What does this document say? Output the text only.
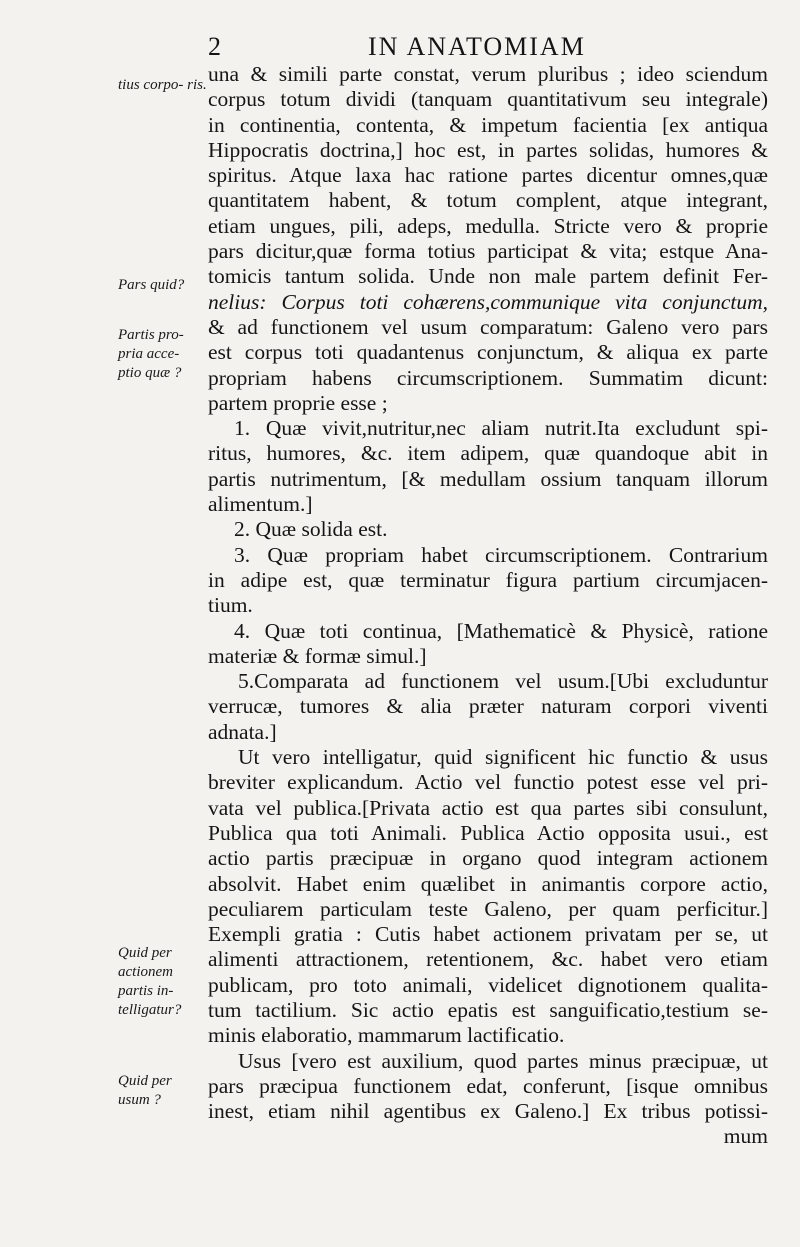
2	IN ANATOMIAM
tius corpo- ris.
Pars quid?
Partis pro- pria acce- ptio quæ ?
Quid per actionem partis in- telligatur?
Quid per usum ?
una & simili parte constat, verum pluribus ; ideo sciendum
corpus totum dividi (tanquam quantitativum seu integrale)
in continentia, contenta, & impetum facientia [ex antiqua
Hippocratis doctrina,] hoc est, in partes solidas, humores &
spiritus. Atque laxa hac ratione partes dicentur omnes,quæ
quantitatem habent, & totum complent, atque integrant,
etiam ungues, pili, adeps, medulla. Stricte vero & proprie
pars dicitur,quæ forma totius participat & vita; estque Ana-
tomicis tantum solida. Unde non male partem definit Fer-
nelius: Corpus toti cohærens,communique vita conjunctum,
& ad functionem vel usum comparatum: Galeno vero pars
est corpus toti quadantenus conjunctum, & aliqua ex parte
propriam habens circumscriptionem. Summatim dicunt:
partem proprie esse ;
1. Quæ vivit,nutritur,nec aliam nutrit.Ita excludunt spi-
ritus, humores, &c. item adipem, quæ quandoque abit in
partis nutrimentum, [& medullam ossium tanquam illorum
alimentum.]
2. Quæ solida est.
3. Quæ propriam habet circumscriptionem. Contrarium
in adipe est, quæ terminatur figura partium circumjacen-
tium.
4. Quæ toti continua, [Mathematicè & Physicè, ratione
materiæ & formæ simul.]
5.Comparata ad functionem vel usum.[Ubi excluduntur
verrucæ, tumores & alia præter naturam corpori viventi
adnata.]
Ut vero intelligatur, quid significent hic functio & usus
breviter explicandum. Actio vel functio potest esse vel pri-
vata vel publica.[Privata actio est qua partes sibi consulunt,
Publica qua toti Animali. Publica Actio opposita usui., est
actio partis præcipuæ in organo quod integram actionem
absolvit. Habet enim quælibet in animantis corpore actio,
peculiarem particulam teste Galeno, per quam perficitur.]
Exempli gratia : Cutis habet actionem privatam per se, ut
alimenti attractionem, retentionem, &c. habet vero etiam
publicam, pro toto animali, videlicet dignotionem qualita-
tum tactilium. Sic actio epatis est sanguificatio,testium se-
minis elaboratio, mammarum lactificatio.
Usus [vero est auxilium, quod partes minus præcipuæ, ut
pars præcipua functionem edat, conferunt, [isque omnibus
inest, etiam nihil agentibus ex Galeno.] Ex tribus potissi-
mum
